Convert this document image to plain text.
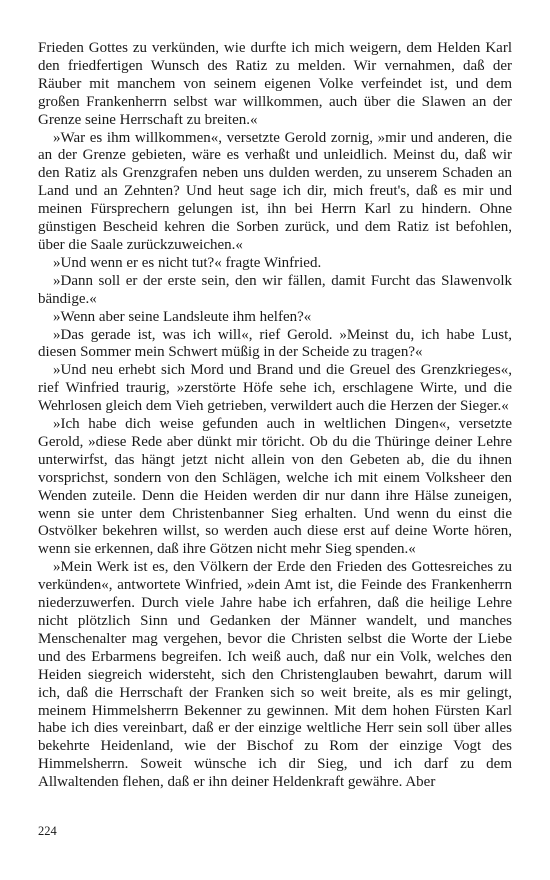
Frieden Gottes zu verkünden, wie durfte ich mich weigern, dem Helden Karl den friedfertigen Wunsch des Ratiz zu melden. Wir vernahmen, daß der Räuber mit manchem von seinem eigenen Volke verfeindet ist, und dem großen Frankenherrn selbst war willkommen, auch über die Slawen an der Grenze seine Herrschaft zu breiten.«

»War es ihm willkommen«, versetzte Gerold zornig, »mir und anderen, die an der Grenze gebieten, wäre es verhaßt und unleidlich. Meinst du, daß wir den Ratiz als Grenzgrafen neben uns dulden werden, zu unserem Schaden an Land und an Zehnten? Und heut sage ich dir, mich freut's, daß es mir und meinen Fürsprechern gelungen ist, ihn bei Herrn Karl zu hindern. Ohne günstigen Bescheid kehren die Sorben zurück, und dem Ratiz ist befohlen, über die Saale zurückzuweichen.«

»Und wenn er es nicht tut?« fragte Winfried.

»Dann soll er der erste sein, den wir fällen, damit Furcht das Slawenvolk bändige.«

»Wenn aber seine Landsleute ihm helfen?«

»Das gerade ist, was ich will«, rief Gerold. »Meinst du, ich habe Lust, diesen Sommer mein Schwert müßig in der Scheide zu tragen?«

»Und neu erhebt sich Mord und Brand und die Greuel des Grenzkrieges«, rief Winfried traurig, »zerstörte Höfe sehe ich, erschlagene Wirte, und die Wehrlosen gleich dem Vieh getrieben, verwildert auch die Herzen der Sieger.«

»Ich habe dich weise gefunden auch in weltlichen Dingen«, versetzte Gerold, »diese Rede aber dünkt mir töricht. Ob du die Thüringe deiner Lehre unterwirfst, das hängt jetzt nicht allein von den Gebeten ab, die du ihnen vorsprichst, sondern von den Schlägen, welche ich mit einem Volksheer den Wenden zuteile. Denn die Heiden werden dir nur dann ihre Hälse zuneigen, wenn sie unter dem Christenbanner Sieg erhalten. Und wenn du einst die Ostvölker bekehren willst, so werden auch diese erst auf deine Worte hören, wenn sie erkennen, daß ihre Götzen nicht mehr Sieg spenden.«

»Mein Werk ist es, den Völkern der Erde den Frieden des Gottesreiches zu verkünden«, antwortete Winfried, »dein Amt ist, die Feinde des Frankenherrn niederzuwerfen. Durch viele Jahre habe ich erfahren, daß die heilige Lehre nicht plötzlich Sinn und Gedanken der Männer wandelt, und manches Menschenalter mag vergehen, bevor die Christen selbst die Worte der Liebe und des Erbarmens begreifen. Ich weiß auch, daß nur ein Volk, welches den Heiden siegreich widersteht, sich den Christenglauben bewahrt, darum will ich, daß die Herrschaft der Franken sich so weit breite, als es mir gelingt, meinem Himmelsherrn Bekenner zu gewinnen. Mit dem hohen Fürsten Karl habe ich dies vereinbart, daß er der einzige weltliche Herr sein soll über alles bekehrte Heidenland, wie der Bischof zu Rom der einzige Vogt des Himmelsherrn. Soweit wünsche ich dir Sieg, und ich darf zu dem Allwaltenden flehen, daß er ihn deiner Heldenkraft gewähre. Aber

224
